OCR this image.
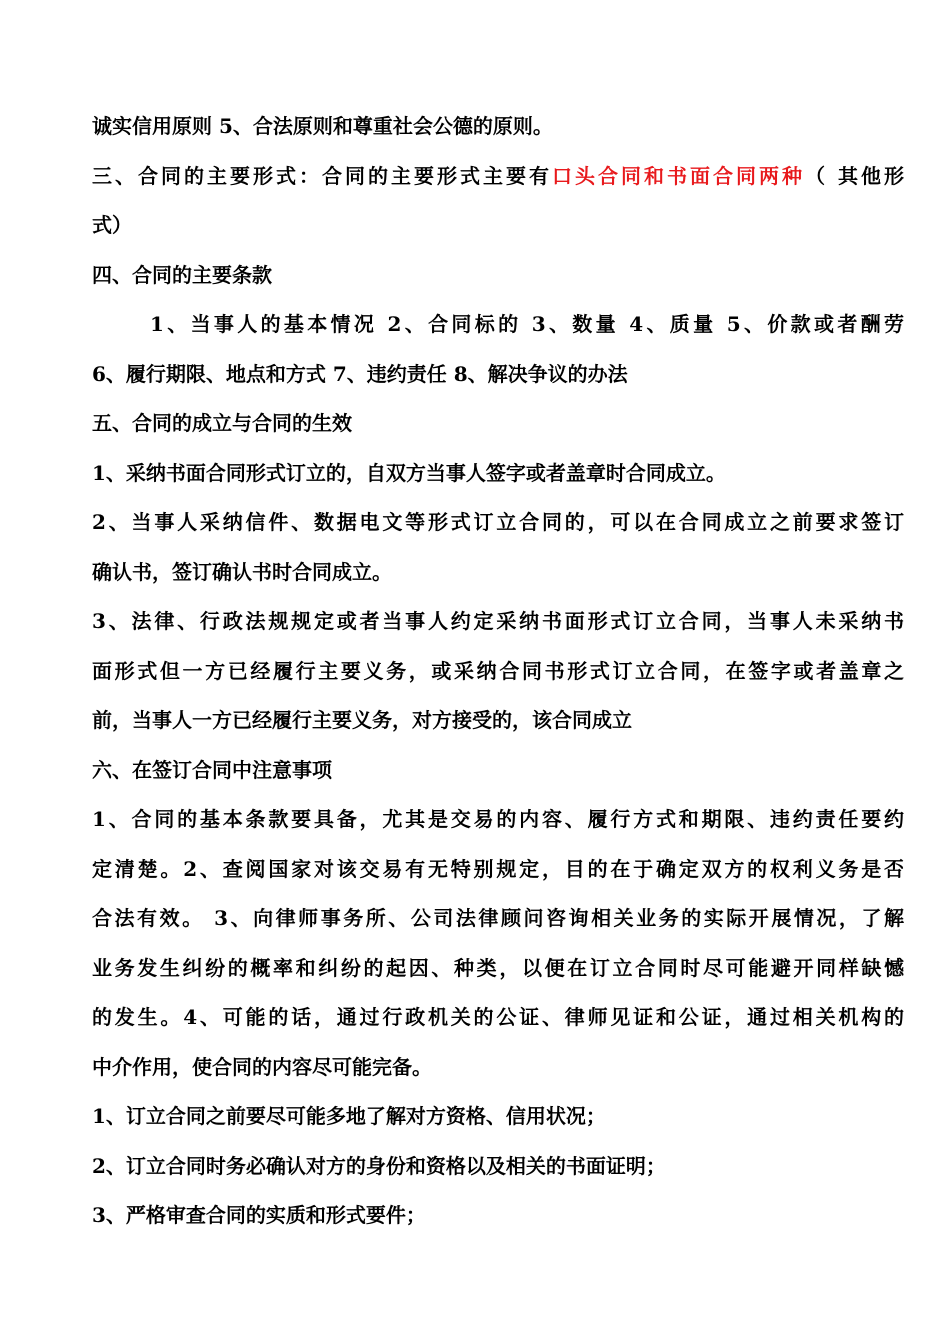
诚实信用原则 5、合法原则和尊重社会公德的原则。
三、合同的主要形式：合同的主要形式主要有口头合同和书面合同两种（ 其他形
式）
四、合同的主要条款
1、当事人的基本情况 2、合同标的 3、数量 4、质量 5、价款或者酬劳
6、履行期限、地点和方式 7、违约责任 8、解决争议的办法
五、合同的成立与合同的生效
1、采纳书面合同形式订立的，自双方当事人签字或者盖章时合同成立。
2、当事人采纳信件、数据电文等形式订立合同的，可以在合同成立之前要求签订
确认书，签订确认书时合同成立。
3、法律、行政法规规定或者当事人约定采纳书面形式订立合同，当事人未采纳书
面形式但一方已经履行主要义务，或采纳合同书形式订立合同，在签字或者盖章之
前，当事人一方已经履行主要义务，对方接受的，该合同成立
六、在签订合同中注意事项
1、合同的基本条款要具备，尤其是交易的内容、履行方式和期限、违约责任要约
定清楚。2、查阅国家对该交易有无特别规定，目的在于确定双方的权利义务是否
合法有效。 3、向律师事务所、公司法律顾问咨询相关业务的实际开展情况，了解
业务发生纠纷的概率和纠纷的起因、种类，以便在订立合同时尽可能避开同样缺憾
的发生。4、可能的话，通过行政机关的公证、律师见证和公证，通过相关机构的
中介作用，使合同的内容尽可能完备。
1、订立合同之前要尽可能多地了解对方资格、信用状况；
2、订立合同时务必确认对方的身份和资格以及相关的书面证明；
3、严格审查合同的实质和形式要件；
